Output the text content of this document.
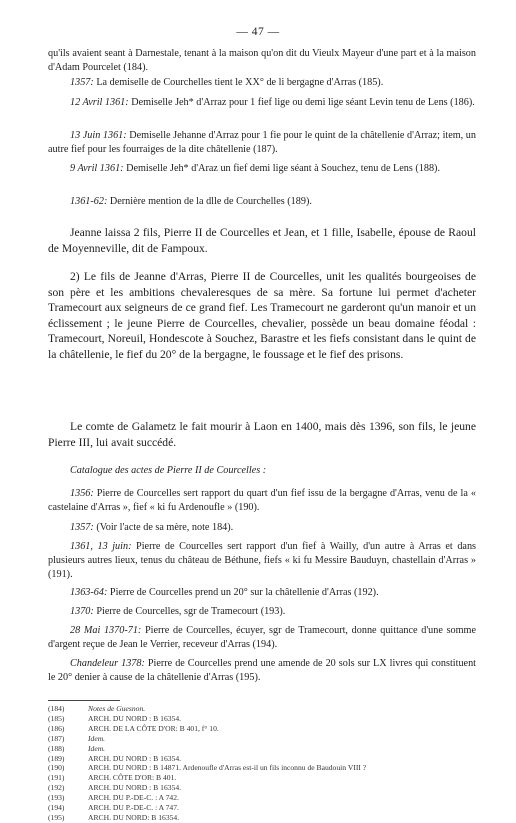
— 47 —
qu'ils avaient seant à Darnestale, tenant à la maison qu'on dit du Vieulx Mayeur d'une part et à la maison d'Adam Pourcelet (184).
1357: La demiselle de Courchelles tient le XX° de li bergagne d'Arras (185).
12 Avril 1361: Demiselle Jeh* d'Arraz pour 1 fief lige ou demi lige séant Levin tenu de Lens (186).
13 Juin 1361: Demiselle Jehanne d'Arraz pour 1 fie pour le quint de la châtellenie d'Arraz; item, un autre fief pour les fourraiges de la dite châtellenie (187).
9 Avril 1361: Demiselle Jeh* d'Araz un fief demi lige séant à Souchez, tenu de Lens (188).
1361-62: Dernière mention de la dlle de Courchelles (189).
Jeanne laissa 2 fils, Pierre II de Courcelles et Jean, et 1 fille, Isabelle, épouse de Raoul de Moyenneville, dit de Fampoux.
2) Le fils de Jeanne d'Arras, Pierre II de Courcelles, unit les qualités bourgeoises de son père et les ambitions chevaleresques de sa mère. Sa fortune lui permet d'acheter Tramecourt aux seigneurs de ce grand fief. Les Tramecourt ne garderont qu'un manoir et un éclissement ; le jeune Pierre de Courcelles, chevalier, possède un beau domaine féodal : Tramecourt, Noreuil, Hondescote à Souchez, Barastre et les fiefs consistant dans le quint de la châtellenie, le fief du 20° de la bergagne, le foussage et le fief des prisons.
Le comte de Galametz le fait mourir à Laon en 1400, mais dès 1396, son fils, le jeune Pierre III, lui avait succédé.
Catalogue des actes de Pierre II de Courcelles :
1356: Pierre de Courcelles sert rapport du quart d'un fief issu de la bergagne d'Arras, venu de la « castelaine d'Arras », fief « ki fu Ardenoufle » (190).
1357: (Voir l'acte de sa mère, note 184).
1361, 13 juin: Pierre de Courcelles sert rapport d'un fief à Wailly, d'un autre à Arras et dans plusieurs autres lieux, tenus du château de Béthune, fiefs « ki fu Messire Bauduyn, chastellain d'Arras » (191).
1363-64: Pierre de Courcelles prend un 20° sur la châtellenie d'Arras (192).
1370: Pierre de Courcelles, sgr de Tramecourt (193).
28 Mai 1370-71: Pierre de Courcelles, écuyer, sgr de Tramecourt, donne quittance d'une somme d'argent reçue de Jean le Verrier, receveur d'Arras (194).
Chandeleur 1378: Pierre de Courcelles prend une amende de 20 sols sur LX livres qui constituent le 20° denier à cause de la châtellenie d'Arras (195).
(184)	Notes de Guesnon.
(185)	ARCH. DU NORD : B 16354.
(186)	ARCH. DE LA CÔTE D'OR: B 401, f° 10.
(187)	Idem.
(188)	Idem.
(189)	ARCH. DU NORD : B 16354.
(190)	ARCH. DU NORD : B 14871. Ardenoufle d'Arras est-il un fils inconnu de Baudouin VIII ?
(191)	ARCH. CÔTE D'OR: B 401.
(192)	ARCH. DU NORD : B 16354.
(193)	ARCH. DU P.-DE-C. : A 742.
(194)	ARCH. DU P.-DE-C. : A 747.
(195)	ARCH. DU NORD: B 16354.
